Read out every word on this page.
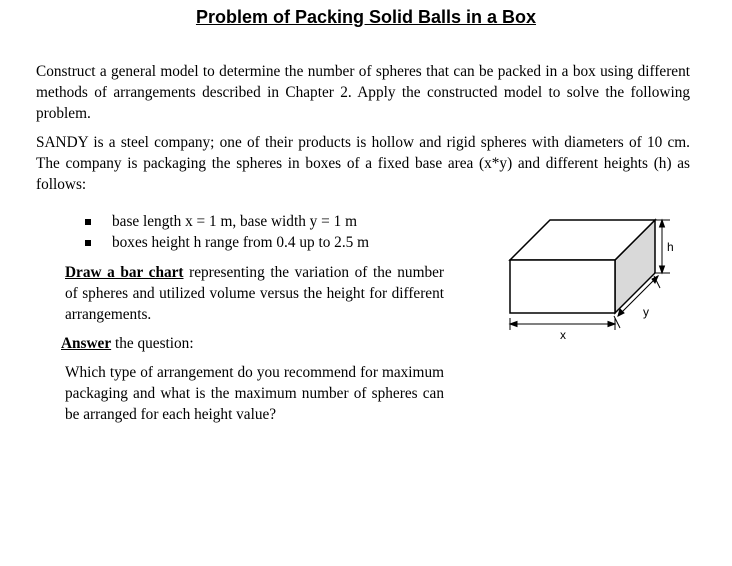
Problem of Packing Solid Balls in a Box
Construct a general model to determine the number of spheres that can be packed in a box using different methods of arrangements described in Chapter 2. Apply the constructed model to solve the following problem.
SANDY is a steel company; one of their products is hollow and rigid spheres with diameters of 10 cm. The company is packaging the spheres in boxes of a fixed base area (x*y) and different heights (h) as follows:
base length x = 1 m, base width y = 1 m
boxes height h range from 0.4 up to 2.5 m
Draw a bar chart representing the variation of the number of spheres and utilized volume versus the height for different arrangements.
Answer the question:
Which type of arrangement do you recommend for maximum packaging and what is the maximum number of spheres can be arranged for each height value?
h
x
y
